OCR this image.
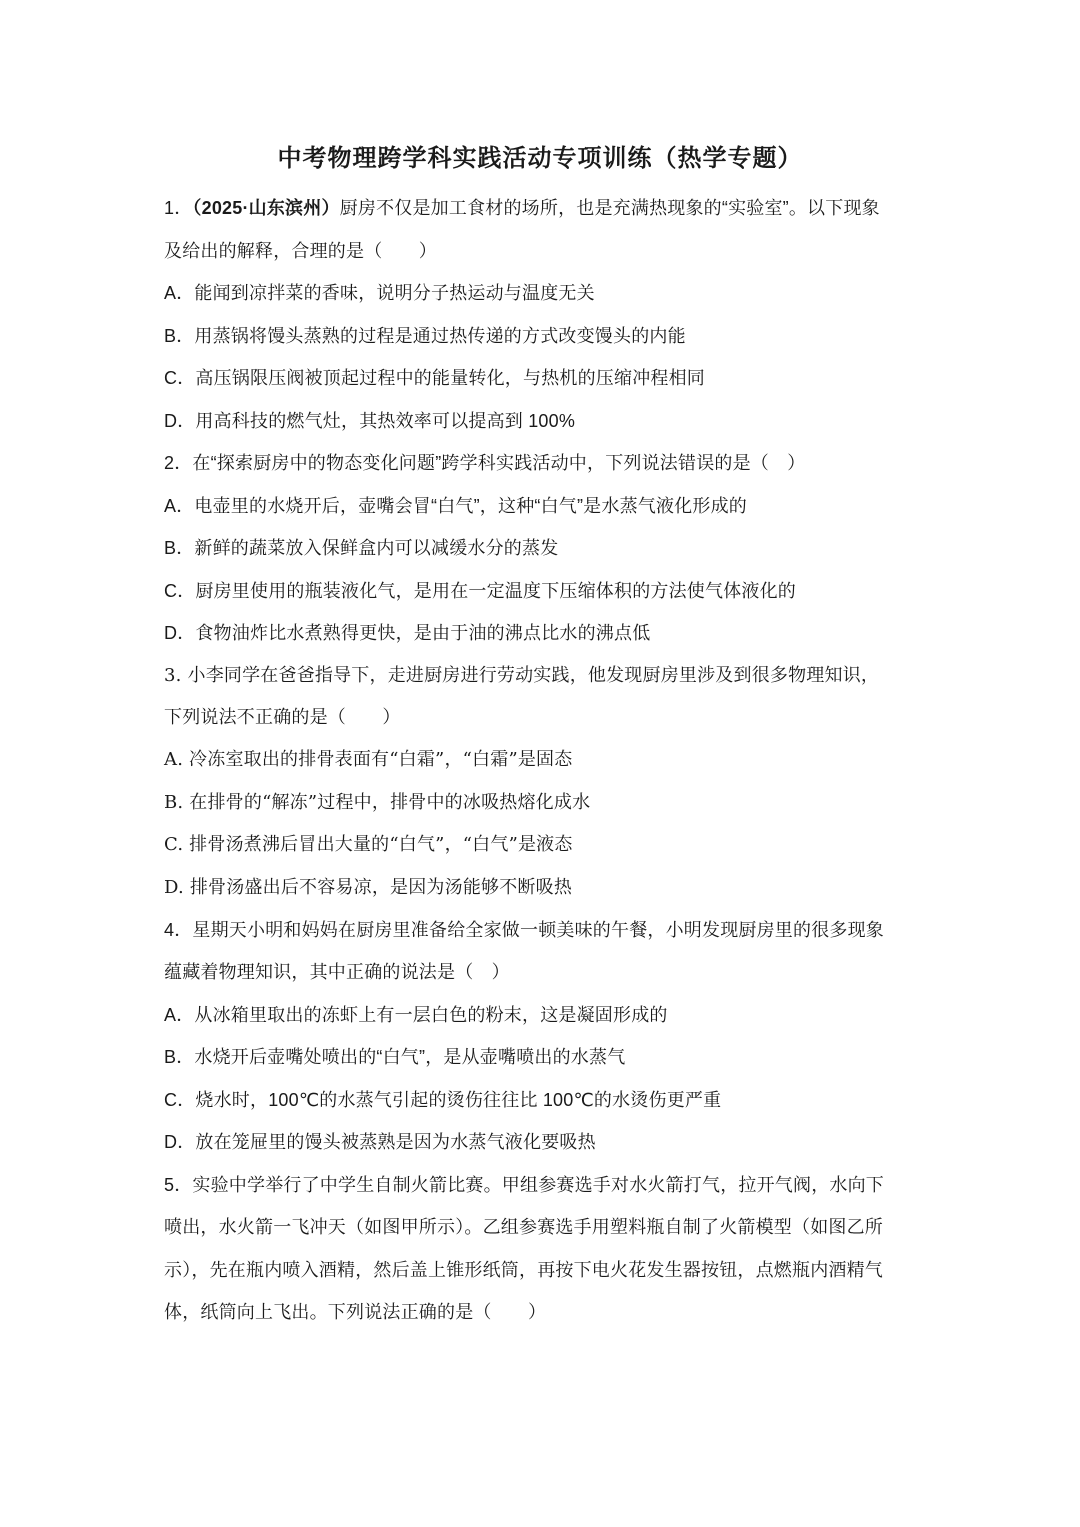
中考物理跨学科实践活动专项训练（热学专题）
1．（2025·山东滨州）厨房不仅是加工食材的场所，也是充满热现象的“实验室”。以下现象
及给出的解释，合理的是（　　）
A．能闻到凉拌菜的香味，说明分子热运动与温度无关
B．用蒸锅将馒头蒸熟的过程是通过热传递的方式改变馒头的内能
C．高压锅限压阀被顶起过程中的能量转化，与热机的压缩冲程相同
D．用高科技的燃气灶，其热效率可以提高到 100%
2．在“探索厨房中的物态变化问题”跨学科实践活动中，下列说法错误的是（　）
A．电壶里的水烧开后，壶嘴会冒“白气”，这种“白气”是水蒸气液化形成的
B．新鲜的蔬菜放入保鲜盒内可以减缓水分的蒸发
C．厨房里使用的瓶装液化气，是用在一定温度下压缩体积的方法使气体液化的
D．食物油炸比水煮熟得更快，是由于油的沸点比水的沸点低
3. 小李同学在爸爸指导下，走进厨房进行劳动实践，他发现厨房里涉及到很多物理知识，
下列说法不正确的是（　　）
A. 冷冻室取出的排骨表面有“白霜”，“白霜”是固态
B. 在排骨的“解冻”过程中，排骨中的冰吸热熔化成水
C. 排骨汤煮沸后冒出大量的“白气”，“白气”是液态
D. 排骨汤盛出后不容易凉，是因为汤能够不断吸热
4．星期天小明和妈妈在厨房里准备给全家做一顿美味的午餐，小明发现厨房里的很多现象
蕴藏着物理知识，其中正确的说法是（　）
A．从冰箱里取出的冻虾上有一层白色的粉末，这是凝固形成的
B．水烧开后壶嘴处喷出的“白气”，是从壶嘴喷出的水蒸气
C．烧水时，100℃的水蒸气引起的烫伤往往比 100℃的水烫伤更严重
D．放在笼屉里的馒头被蒸熟是因为水蒸气液化要吸热
5．实验中学举行了中学生自制火箭比赛。甲组参赛选手对水火箭打气，拉开气阀，水向下
喷出，水火箭一飞冲天（如图甲所示）。乙组参赛选手用塑料瓶自制了火箭模型（如图乙所
示），先在瓶内喷入酒精，然后盖上锥形纸筒，再按下电火花发生器按钮，点燃瓶内酒精气
体，纸筒向上飞出。下列说法正确的是（　　）
